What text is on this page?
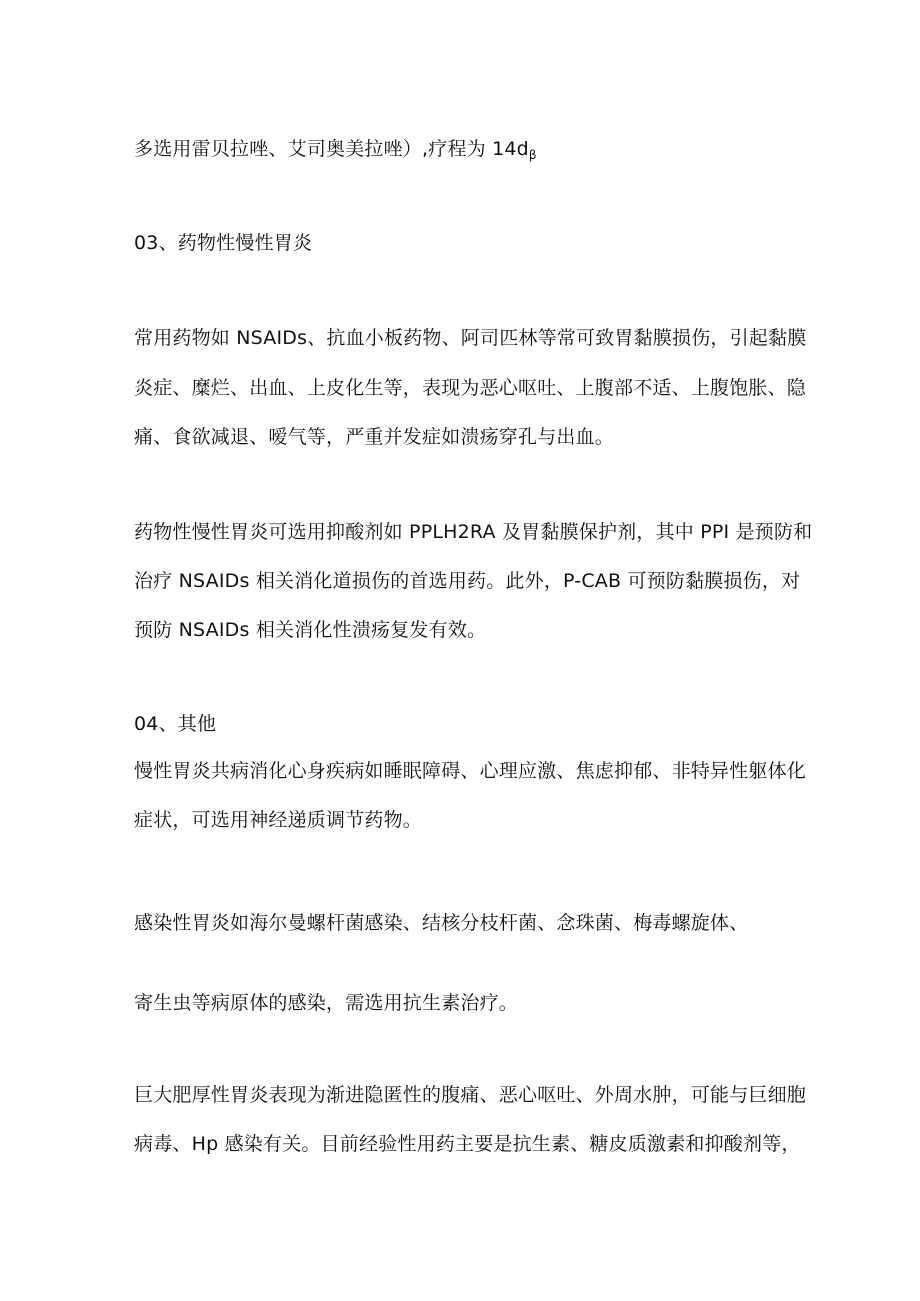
多选用雷贝拉唑、艾司奥美拉唑）,疗程为 $14d_\beta$
03、药物性慢性胃炎
常用药物如 NSAIDs、抗血小板药物、阿司匹林等常可致胃黏膜损伤，引起黏膜
炎症、糜烂、出血、上皮化生等，表现为恶心呕吐、上腹部不适、上腹饱胀、隐
痛、食欲减退、嗳气等，严重并发症如溃疡穿孔与出血。
药物性慢性胃炎可选用抑酸剂如 PPLH2RA 及胃黏膜保护剂，其中 PPI 是预防和
治疗 NSAIDs 相关消化道损伤的首选用药。此外，P-CAB 可预防黏膜损伤，对
预防 NSAIDs 相关消化性溃疡复发有效。
04、其他
慢性胃炎共病消化心身疾病如睡眠障碍、心理应激、焦虑抑郁、非特异性躯体化
症状，可选用神经递质调节药物。
感染性胃炎如海尔曼螺杆菌感染、结核分枝杆菌、念珠菌、梅毒螺旋体、
寄生虫等病原体的感染，需选用抗生素治疗。
巨大肥厚性胃炎表现为渐进隐匿性的腹痛、恶心呕吐、外周水肿，可能与巨细胞
病毒、Hp 感染有关。目前经验性用药主要是抗生素、糖皮质激素和抑酸剂等，
